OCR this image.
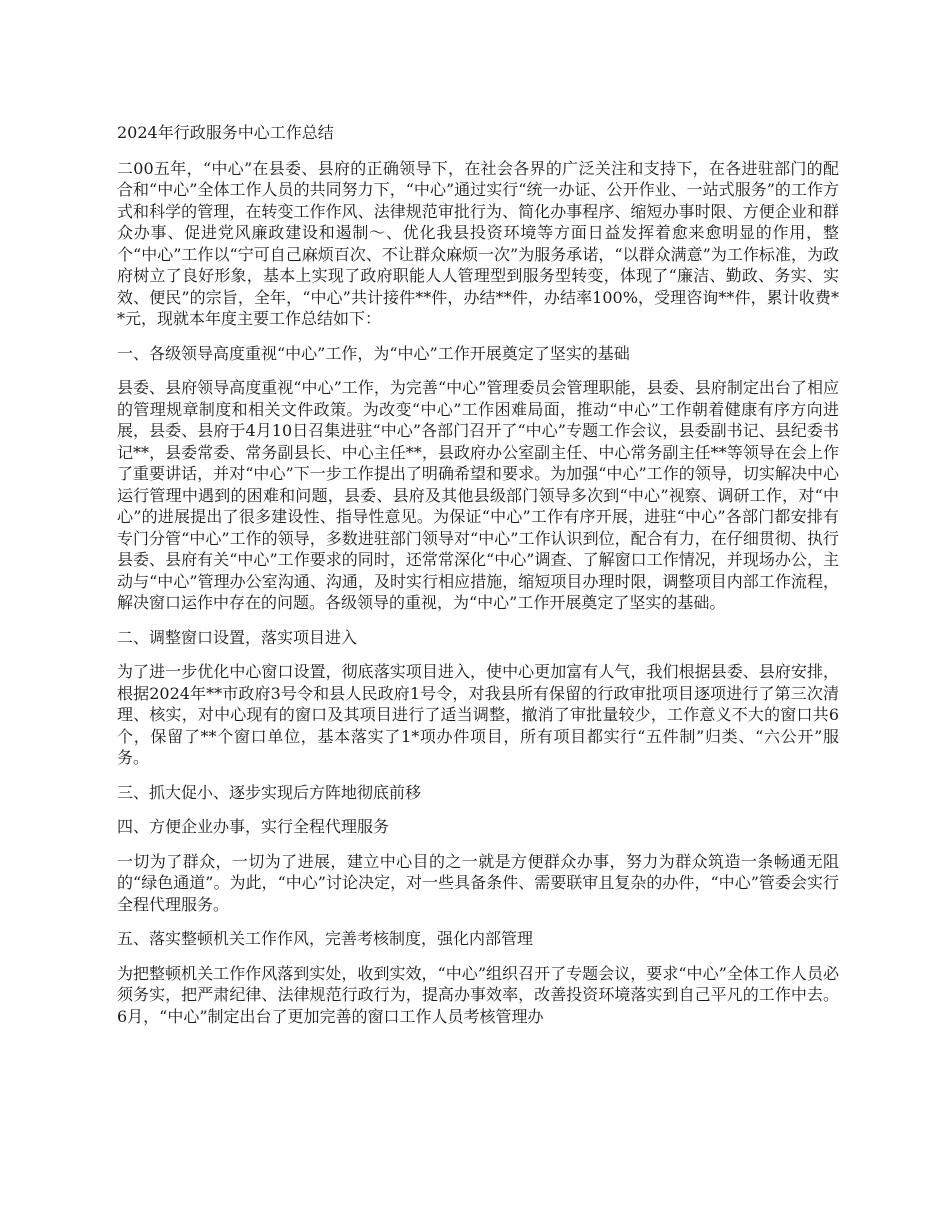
2024年行政服务中心工作总结

二00五年，“中心”在县委、县府的正确领导下，在社会各界的广泛关注和支持下，在各进驻部门的配合和“中心”全体工作人员的共同努力下，“中心”通过实行“统一办证、公开作业、一站式服务”的工作方式和科学的管理，在转变工作作风、法律规范审批行为、简化办事程序、缩短办事时限、方便企业和群众办事、促进党风廉政建设和遏制～、优化我县投资环境等方面日益发挥着愈来愈明显的作用，整个“中心”工作以“宁可自己麻烦百次、不让群众麻烦一次”为服务承诺，“以群众满意”为工作标准，为政府树立了良好形象，基本上实现了政府职能人人管理型到服务型转变，体现了“廉洁、勤政、务实、实效、便民”的宗旨，全年，“中心”共计接件**件，办结**件，办结率100%，受理咨询**件，累计收费**元，现就本年度主要工作总结如下：

一、各级领导高度重视“中心”工作，为“中心”工作开展奠定了坚实的基础

县委、县府领导高度重视“中心”工作，为完善“中心”管理委员会管理职能，县委、县府制定出台了相应的管理规章制度和相关文件政策。为改变“中心”工作困难局面，推动“中心”工作朝着健康有序方向进展，县委、县府于4月10日召集进驻“中心”各部门召开了“中心”专题工作会议，县委副书记、县纪委书记**，县委常委、常务副县长、中心主任**，县政府办公室副主任、中心常务副主任**等领导在会上作了重要讲话，并对“中心”下一步工作提出了明确希望和要求。为加强“中心”工作的领导，切实解决中心运行管理中遇到的困难和问题，县委、县府及其他县级部门领导多次到“中心”视察、调研工作，对“中心”的进展提出了很多建设性、指导性意见。为保证“中心”工作有序开展，进驻“中心”各部门都安排有专门分管“中心”工作的领导，多数进驻部门领导对“中心”工作认识到位，配合有力，在仔细贯彻、执行县委、县府有关“中心”工作要求的同时，还常常深化“中心”调查、了解窗口工作情况，并现场办公，主动与“中心”管理办公室沟通、沟通，及时实行相应措施，缩短项目办理时限，调整项目内部工作流程，解决窗口运作中存在的问题。各级领导的重视，为“中心”工作开展奠定了坚实的基础。

二、调整窗口设置，落实项目进入

为了进一步优化中心窗口设置，彻底落实项目进入，使中心更加富有人气，我们根据县委、县府安排，根据2024年**市政府3号令和县人民政府1号令，对我县所有保留的行政审批项目逐项进行了第三次清理、核实，对中心现有的窗口及其项目进行了适当调整，撤消了审批量较少，工作意义不大的窗口共6个，保留了**个窗口单位，基本落实了1*项办件项目，所有项目都实行“五件制”归类、“六公开”服务。

三、抓大促小、逐步实现后方阵地彻底前移

四、方便企业办事，实行全程代理服务

一切为了群众，一切为了进展，建立中心目的之一就是方便群众办事，努力为群众筑造一条畅通无阻的“绿色通道”。为此，“中心”讨论决定，对一些具备条件、需要联审且复杂的办件，“中心”管委会实行全程代理服务。

五、落实整顿机关工作作风，完善考核制度，强化内部管理

为把整顿机关工作作风落到实处，收到实效，“中心”组织召开了专题会议，要求“中心”全体工作人员必须务实，把严肃纪律、法律规范行政行为，提高办事效率，改善投资环境落实到自己平凡的工作中去。6月，“中心”制定出台了更加完善的窗口工作人员考核管理办
